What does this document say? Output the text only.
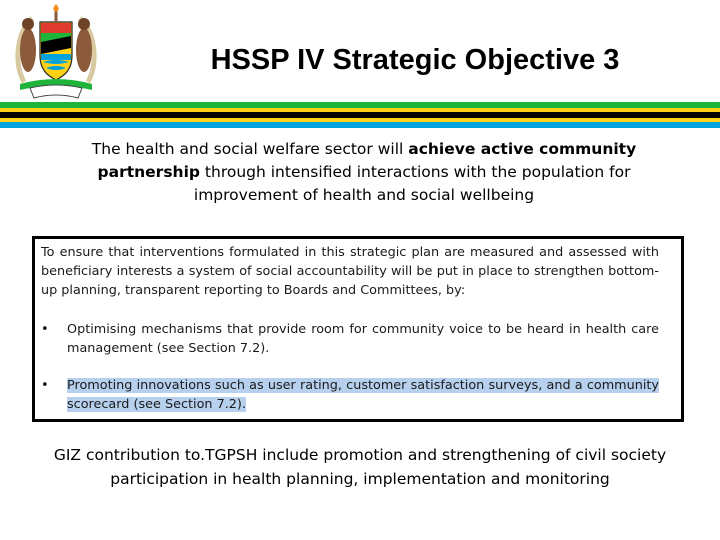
HSSP IV Strategic Objective 3

The health and social welfare sector will achieve active community partnership through intensified interactions with the population for improvement of health and social wellbeing

To ensure that interventions formulated in this strategic plan are measured and assessed with beneficiary interests a system of social accountability will be put in place to strengthen bottom-up planning, transparent reporting to Boards and Committees, by:

•	Optimising mechanisms that provide room for community voice to be heard in health care management (see Section 7.2).
•	Promoting innovations such as user rating, customer satisfaction surveys, and a community scorecard (see Section 7.2).

GIZ contribution to.TGPSH include promotion and strengthening of civil society participation in health planning, implementation and monitoring
